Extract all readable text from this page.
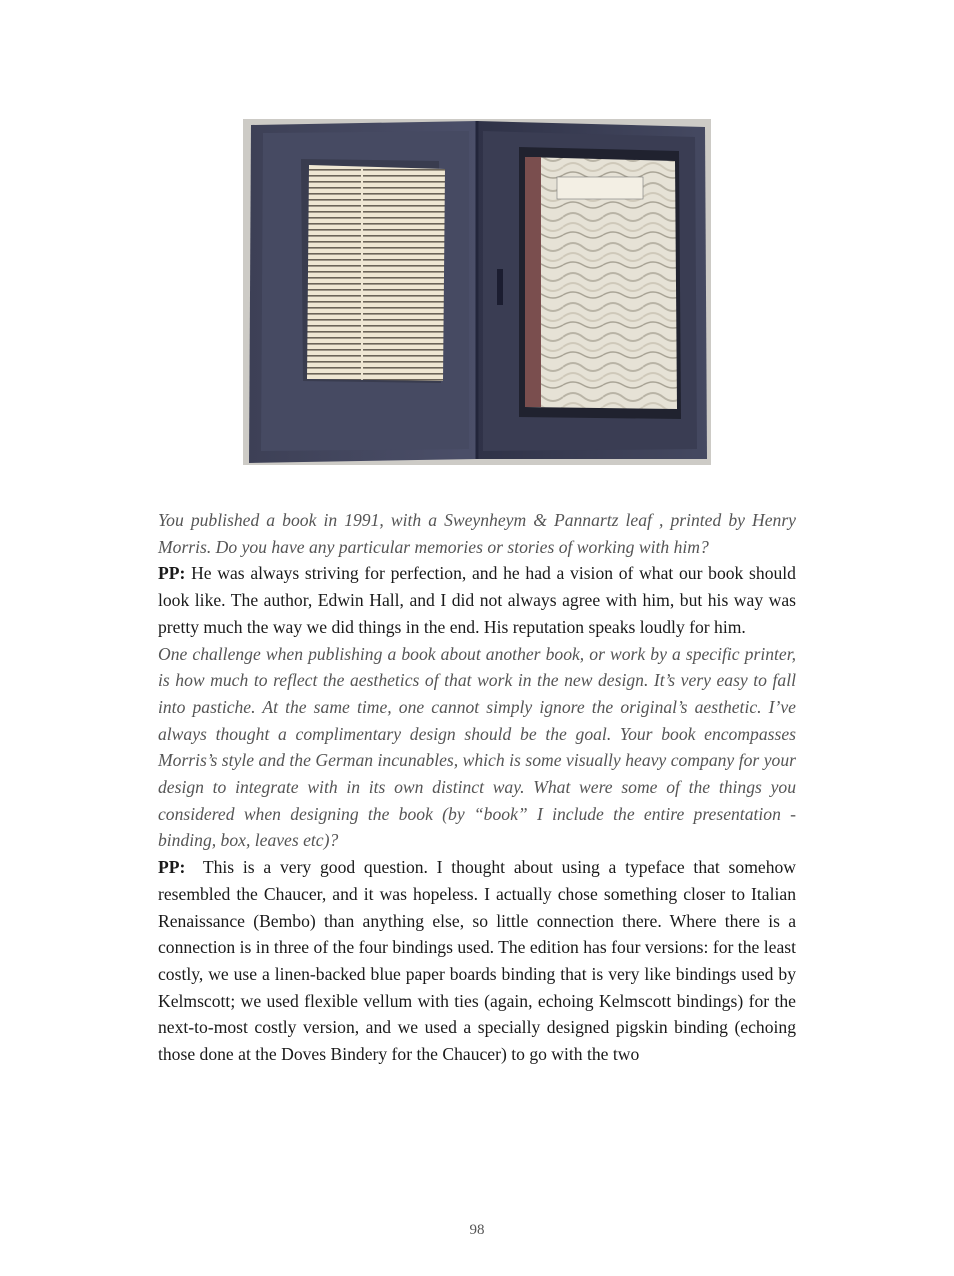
You published a book in 1991, with a Sweynheym & Pannartz leaf , printed by Henry Morris. Do you have any particular memories or stories of working with him?

PP: He was always striving for perfection, and he had a vision of what our book should look like. The author, Edwin Hall, and I did not always agree with him, but his way was pretty much the way we did things in the end. His reputation speaks loudly for him.

One challenge when publishing a book about another book, or work by a specific printer, is how much to reflect the aesthetics of that work in the new design. It’s very easy to fall into pastiche. At the same time, one cannot simply ignore the original’s aesthetic. I’ve always thought a complimentary design should be the goal. Your book encompasses Morris’s style and the German incunables, which is some visually heavy company for your design to integrate with in its own distinct way. What were some of the things you considered when designing the book (by “book” I include the entire presentation - binding, box, leaves etc)?

PP: This is a very good question. I thought about using a typeface that somehow resembled the Chaucer, and it was hopeless. I actually chose something closer to Italian Renaissance (Bembo) than anything else, so little connection there. Where there is a connection is in three of the four bindings used. The edition has four versions: for the least costly, we use a linen-backed blue paper boards binding that is very like bindings used by Kelmscott; we used flexible vellum with ties (again, echoing Kelmscott bindings) for the next-to-most costly version, and we used a specially designed pigskin binding (echoing those done at the Doves Bindery for the Chaucer) to go with the two

98
